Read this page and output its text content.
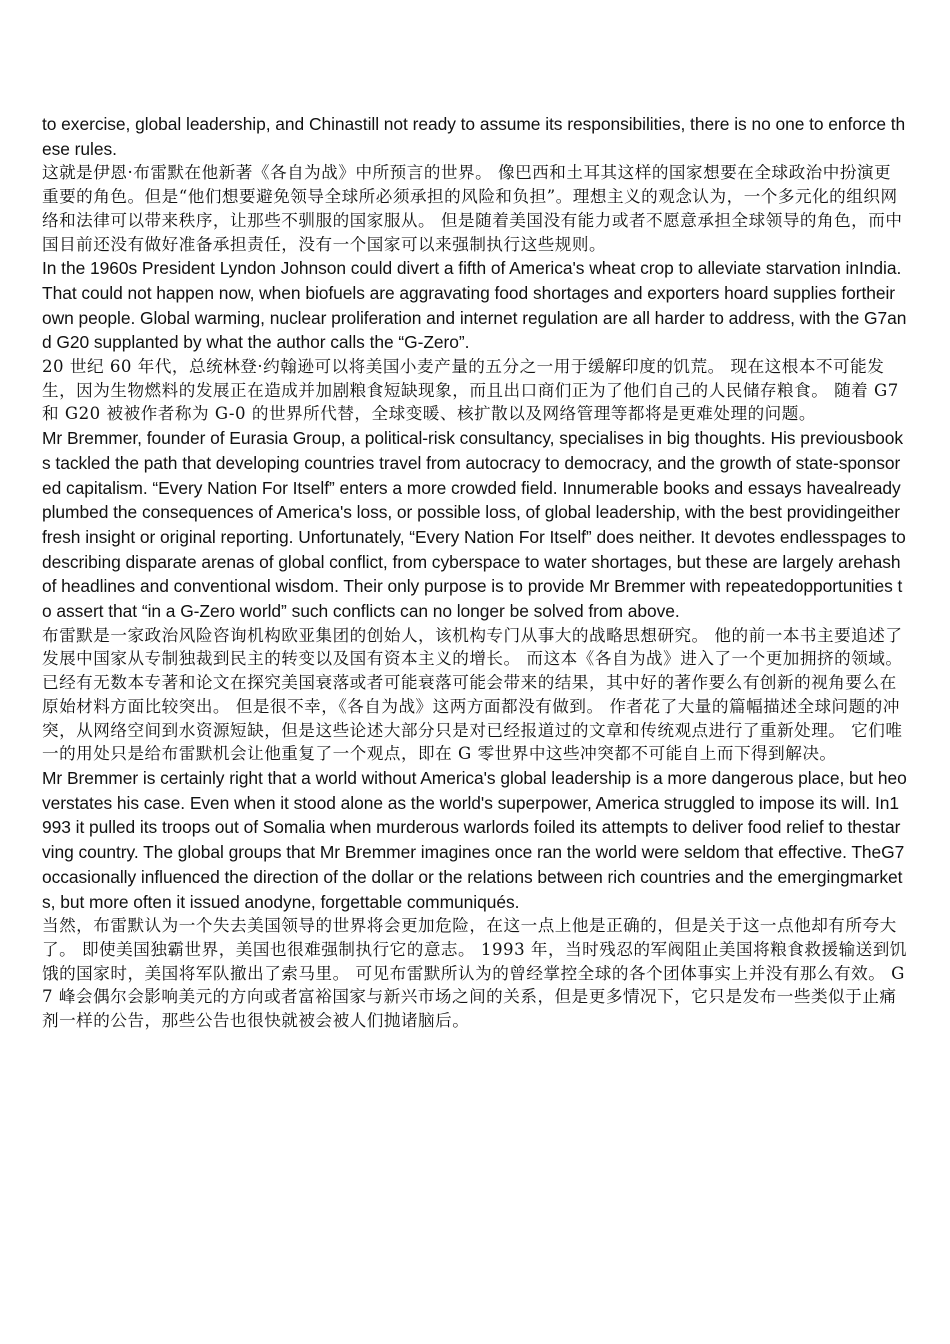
to exercise, global leadership, and Chinastill not ready to assume its responsibilities, there is no one to enforce these rules.

这就是伊恩·布雷默在他新著《各自为战》中所预言的世界。 像巴西和土耳其这样的国家想要在全球政治中扮演更重要的角色。但是“他们想要避免领导全球所必须承担的风险和负担”。理想主义的观念认为，一个多元化的组织网络和法律可以带来秩序，让那些不驯服的国家服从。 但是随着美国没有能力或者不愿意承担全球领导的角色，而中国目前还没有做好准备承担责任，没有一个国家可以来强制执行这些规则。

In the 1960s President Lyndon Johnson could divert a fifth of America's wheat crop to alleviate starvation inIndia. That could not happen now, when biofuels are aggravating food shortages and exporters hoard supplies fortheir own people. Global warming, nuclear proliferation and internet regulation are all harder to address, with the G7and G20 supplanted by what the author calls the “G-Zero”.

20 世纪 60 年代，总统林登·约翰逊可以将美国小麦产量的五分之一用于缓解印度的饥荒。 现在这根本不可能发生，因为生物燃料的发展正在造成并加剧粮食短缺现象，而且出口商们正为了他们自己的人民储存粮食。 随着 G7 和 G20 被被作者称为 G-0 的世界所代替，全球变暖、核扩散以及网络管理等都将是更难处理的问题。

Mr Bremmer, founder of Eurasia Group, a political-risk consultancy, specialises in big thoughts. His previousbooks tackled the path that developing countries travel from autocracy to democracy, and the growth of state-sponsored capitalism. “Every Nation For Itself” enters a more crowded field. Innumerable books and essays havealready plumbed the consequences of America's loss, or possible loss, of global leadership, with the best providingeither fresh insight or original reporting. Unfortunately, “Every Nation For Itself” does neither. It devotes endlesspages to describing disparate arenas of global conflict, from cyberspace to water shortages, but these are largely arehash of headlines and conventional wisdom. Their only purpose is to provide Mr Bremmer with repeatedopportunities to assert that “in a G-Zero world” such conflicts can no longer be solved from above.

布雷默是一家政治风险咨询机构欧亚集团的创始人，该机构专门从事大的战略思想研究。 他的前一本书主要追述了发展中国家从专制独裁到民主的转变以及国有资本主义的增长。 而这本《各自为战》进入了一个更加拥挤的领域。 已经有无数本专著和论文在探究美国衰落或者可能衰落可能会带来的结果，其中好的著作要么有创新的视角要么在原始材料方面比较突出。 但是很不幸，《各自为战》这两方面都没有做到。 作者花了大量的篇幅描述全球问题的冲突，从网络空间到水资源短缺，但是这些论述大部分只是对已经报道过的文章和传统观点进行了重新处理。 它们唯一的用处只是给布雷默机会让他重复了一个观点，即在 G 零世界中这些冲突都不可能自上而下得到解决。

Mr Bremmer is certainly right that a world without America's global leadership is a more dangerous place, but heoverstates his case. Even when it stood alone as the world's superpower, America struggled to impose its will. In1993 it pulled its troops out of Somalia when murderous warlords foiled its attempts to deliver food relief to thestarving country. The global groups that Mr Bremmer imagines once ran the world were seldom that effective. TheG7 occasionally influenced the direction of the dollar or the relations between rich countries and the emergingmarkets, but more often it issued anodyne, forgettable communiqués.

当然，布雷默认为一个失去美国领导的世界将会更加危险，在这一点上他是正确的，但是关于这一点他却有所夸大了。 即使美国独霸世界，美国也很难强制执行它的意志。 1993 年，当时残忍的军阀阻止美国将粮食救援输送到饥饿的国家时，美国将军队撤出了索马里。 可见布雷默所认为的曾经掌控全球的各个团体事实上并没有那么有效。 G7 峰会偶尔会影响美元的方向或者富裕国家与新兴市场之间的关系，但是更多情况下，它只是发布一些类似于止痛剂一样的公告，那些公告也很快就被会被人们抛诸脑后。
